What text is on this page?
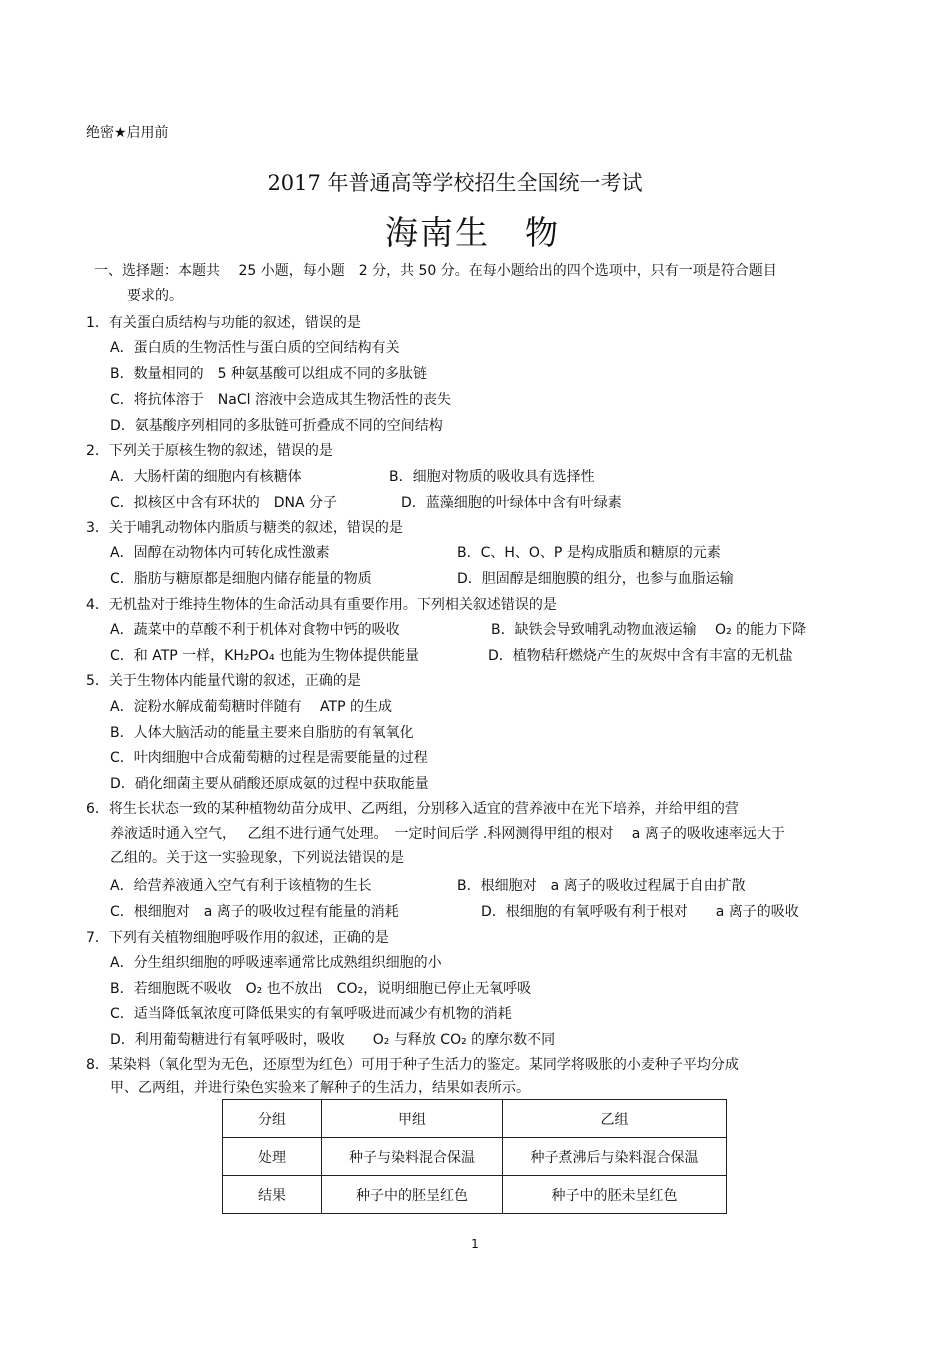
绝密★启用前
2017 年普通高等学校招生全国统一考试
海南生　物
一、选择题：本题共　 25 小题，每小题　2 分，共 50 分。在每小题给出的四个选项中，只有一项是符合题目
要求的。
1．有关蛋白质结构与功能的叙述，错误的是
A．蛋白质的生物活性与蛋白质的空间结构有关
B．数量相同的　5 种氨基酸可以组成不同的多肽链
C．将抗体溶于　NaCl 溶液中会造成其生物活性的丧失
D．氨基酸序列相同的多肽链可折叠成不同的空间结构
2．下列关于原核生物的叙述，错误的是
A．大肠杆菌的细胞内有核糖体	B．细胞对物质的吸收具有选择性
C．拟核区中含有环状的　DNA 分子	D．蓝藻细胞的叶绿体中含有叶绿素
3．关于哺乳动物体内脂质与糖类的叙述，错误的是
A．固醇在动物体内可转化成性激素	B．C、H、O、P 是构成脂质和糖原的元素
C．脂肪与糖原都是细胞内储存能量的物质	D．胆固醇是细胞膜的组分，也参与血脂运输
4．无机盐对于维持生物体的生命活动具有重要作用。下列相关叙述错误的是
A．蔬菜中的草酸不利于机体对食物中钙的吸收	B．缺铁会导致哺乳动物血液运输　 O₂ 的能力下降
C．和 ATP 一样，KH₂PO₄ 也能为生物体提供能量	D．植物秸秆燃烧产生的灰烬中含有丰富的无机盐
5．关于生物体内能量代谢的叙述，正确的是
A．淀粉水解成葡萄糖时伴随有　 ATP 的生成
B．人体大脑活动的能量主要来自脂肪的有氧氧化
C．叶肉细胞中合成葡萄糖的过程是需要能量的过程
D．硝化细菌主要从硝酸还原成氨的过程中获取能量
6．将生长状态一致的某种植物幼苗分成甲、乙两组，分别移入适宜的营养液中在光下培养，并给甲组的营
养液适时通入空气，　 乙组不进行通气处理。　一定时间后学 .科网测得甲组的根对　 a 离子的吸收速率远大于
乙组的。关于这一实验现象，下列说法错误的是
A．给营养液通入空气有利于该植物的生长	B．根细胞对　a 离子的吸收过程属于自由扩散
C．根细胞对　a 离子的吸收过程有能量的消耗	D．根细胞的有氧呼吸有利于根对　　a 离子的吸收
7．下列有关植物细胞呼吸作用的叙述，正确的是
A．分生组织细胞的呼吸速率通常比成熟组织细胞的小
B．若细胞既不吸收　O₂ 也不放出　CO₂，说明细胞已停止无氧呼吸
C．适当降低氧浓度可降低果实的有氧呼吸进而减少有机物的消耗
D．利用葡萄糖进行有氧呼吸时，吸收　　O₂ 与释放 CO₂ 的摩尔数不同
8．某染料（氧化型为无色，还原型为红色）可用于种子生活力的鉴定。某同学将吸胀的小麦种子平均分成
甲、乙两组，并进行染色实验来了解种子的生活力，结果如表所示。
分组	甲组	乙组
处理	种子与染料混合保温	种子煮沸后与染料混合保温
结果	种子中的胚呈红色	种子中的胚未呈红色
1
